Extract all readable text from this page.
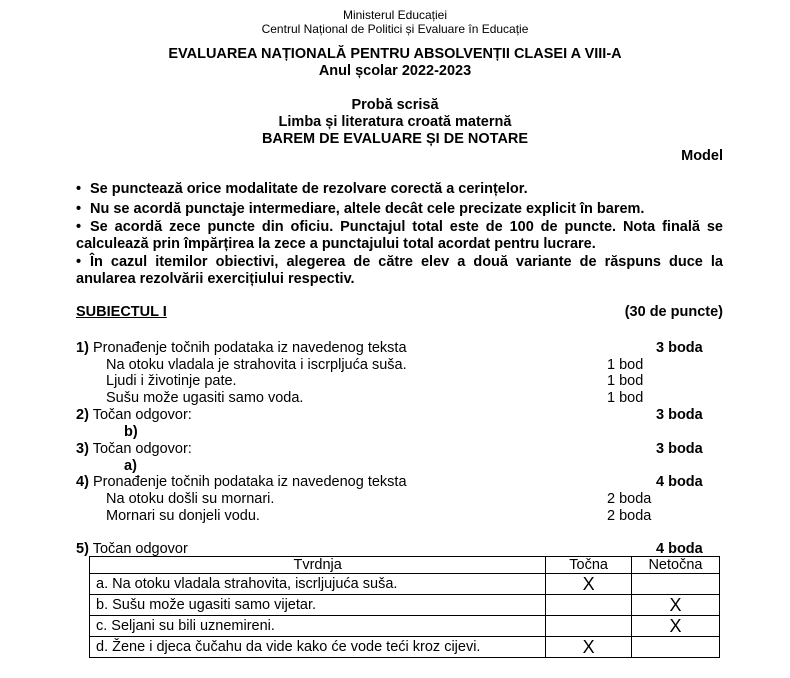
Ministerul Educației
Centrul Național de Politici și Evaluare în Educație
EVALUAREA NAȚIONALĂ PENTRU ABSOLVENȚII CLASEI A VIII-A
Anul școlar 2022-2023
Probă scrisă
Limba și literatura croată maternă
BAREM DE EVALUARE ȘI DE NOTARE
Model
• Se punctează orice modalitate de rezolvare corectă a cerințelor.
• Nu se acordă punctaje intermediare, altele decât cele precizate explicit în barem.
• Se acordă zece puncte din oficiu. Punctajul total este de 100 de puncte. Nota finală se
calculează prin împărțirea la zece a punctajului total acordat pentru lucrare.
• În cazul itemilor obiectivi, alegerea de către elev a două variante de răspuns duce la
anularea rezolvării exercițiului respectiv.
SUBIECTUL I	(30 de puncte)
1) Pronađenje točnih podataka iz navedenog teksta	3 boda
Na otoku vladala je strahovita i iscrpljuća suša.	1 bod
Ljudi i životinje pate.	1 bod
Sušu može ugasiti samo voda.	1 bod
2) Točan odgovor:	3 boda
b)
3) Točan odgovor:	3 boda
a)
4) Pronađenje točnih podataka iz navedenog teksta	4 boda
Na otoku došli su mornari.	2 boda
Mornari su donjeli vodu.	2 boda
5) Točan odgovor	4 boda
Tvrdnja	Točna	Netočna
a. Na otoku vladala strahovita, iscrljujuća suša.	X	
b. Sušu može ugasiti samo vijetar.		X
c. Seljani su bili uznemireni.		X
d. Žene i djeca čučahu da vide kako će vode teći kroz cijevi.	X	
